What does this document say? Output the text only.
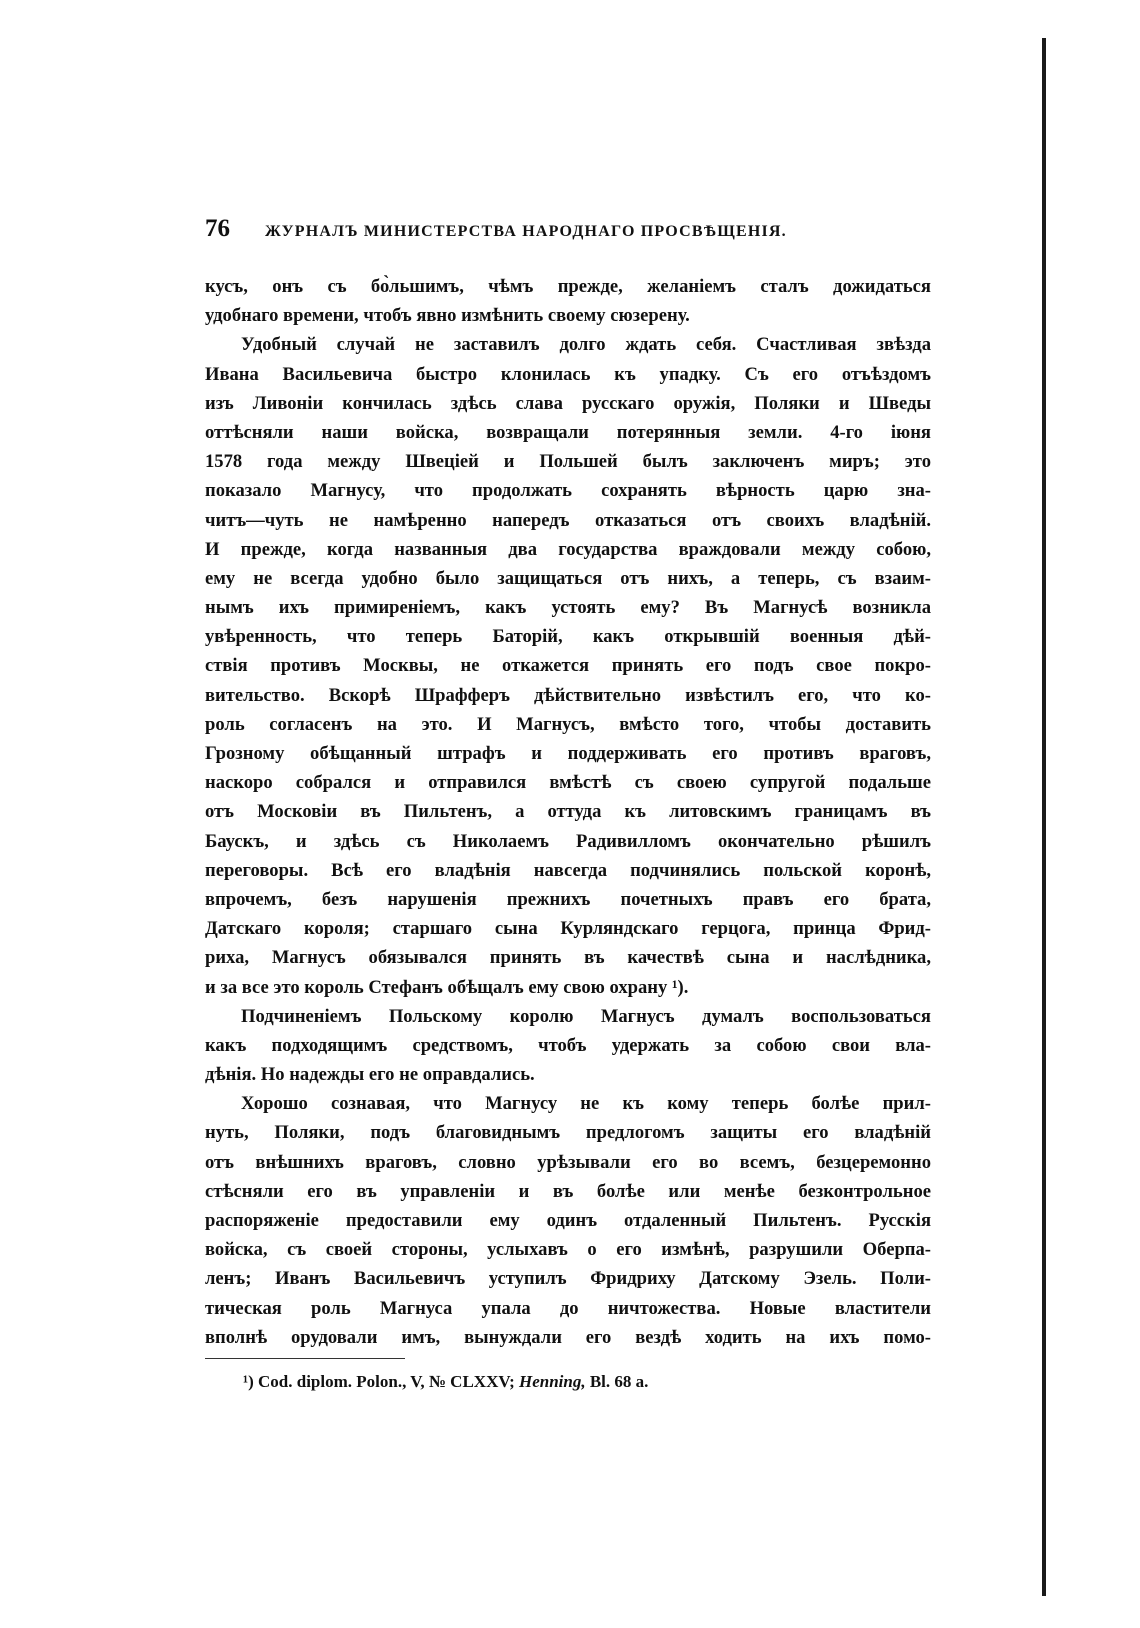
76	ЖУРНАЛЪ МИНИСТЕРСТВА НАРОДНАГО ПРОСВѢЩЕНІЯ.
кусъ, онъ съ бо̀льшимъ, чѣмъ прежде, желаніемъ сталъ дожидаться
удобнаго времени, чтобъ явно измѣнить своему сюзерену.
Удобный случай не заставилъ долго ждать себя. Счастливая звѣзда
Ивана Васильевича быстро клонилась къ упадку. Съ его отъѣздомъ
изъ Ливоніи кончилась здѣсь слава русскаго оружія, Поляки и Шведы
оттѣсняли наши войска, возвращали потерянныя земли. 4-го іюня
1578 года между Швеціей и Польшей былъ заключенъ миръ; это
показало Магнусу, что продолжать сохранять вѣрность царю зна-
читъ—чуть не намѣренно напередъ отказаться отъ своихъ владѣній.
И прежде, когда названныя два государства враждовали между собою,
ему не всегда удобно было защищаться отъ нихъ, а теперь, съ взаим-
нымъ ихъ примиреніемъ, какъ устоять ему? Въ Магнусѣ возникла
увѣренность, что теперь Баторій, какъ открывшій военныя дѣй-
ствія противъ Москвы, не откажется принять его подъ свое покро-
вительство. Вскорѣ Шрафферъ дѣйствительно извѣстилъ его, что ко-
роль согласенъ на это. И Магнусъ, вмѣсто того, чтобы доставить
Грозному обѣщанный штрафъ и поддерживать его противъ враговъ,
наскоро собрался и отправился вмѣстѣ съ своею супругой подальше
отъ Московіи въ Пильтенъ, а оттуда къ литовскимъ границамъ въ
Баускъ, и здѣсь съ Николаемъ Радивилломъ окончательно рѣшилъ
переговоры. Всѣ его владѣнія навсегда подчинялись польской коронѣ,
впрочемъ, безъ нарушенія прежнихъ почетныхъ правъ его брата,
Датскаго короля; старшаго сына Курляндскаго герцога, принца Фрид-
риха, Магнусъ обязывался принять въ качествѣ сына и наслѣдника,
и за все это король Стефанъ обѣщалъ ему свою охрану ¹).
Подчиненіемъ Польскому королю Магнусъ думалъ воспользоваться
какъ подходящимъ средствомъ, чтобъ удержать за собою свои вла-
дѣнія. Но надежды его не оправдались.
Хорошо сознавая, что Магнусу не къ кому теперь болѣе прил-
нуть, Поляки, подъ благовиднымъ предлогомъ защиты его владѣній
отъ внѣшнихъ враговъ, словно урѣзывали его во всемъ, безцеремонно
стѣсняли его въ управленіи и въ болѣе или менѣе безконтрольное
распоряженіе предоставили ему одинъ отдаленный Пильтенъ. Русскія
войска, съ своей стороны, услыхавъ о его измѣнѣ, разрушили Оберпа-
ленъ; Иванъ Васильевичъ уступилъ Фридриху Датскому Эзель. Поли-
тическая роль Магнуса упала до ничтожества. Новые властители
вполнѣ орудовали имъ, вынуждали его вездѣ ходить на ихъ помо-
¹) Cod. diplom. Polon., V, № CLXXV; Henning, Bl. 68 a.
